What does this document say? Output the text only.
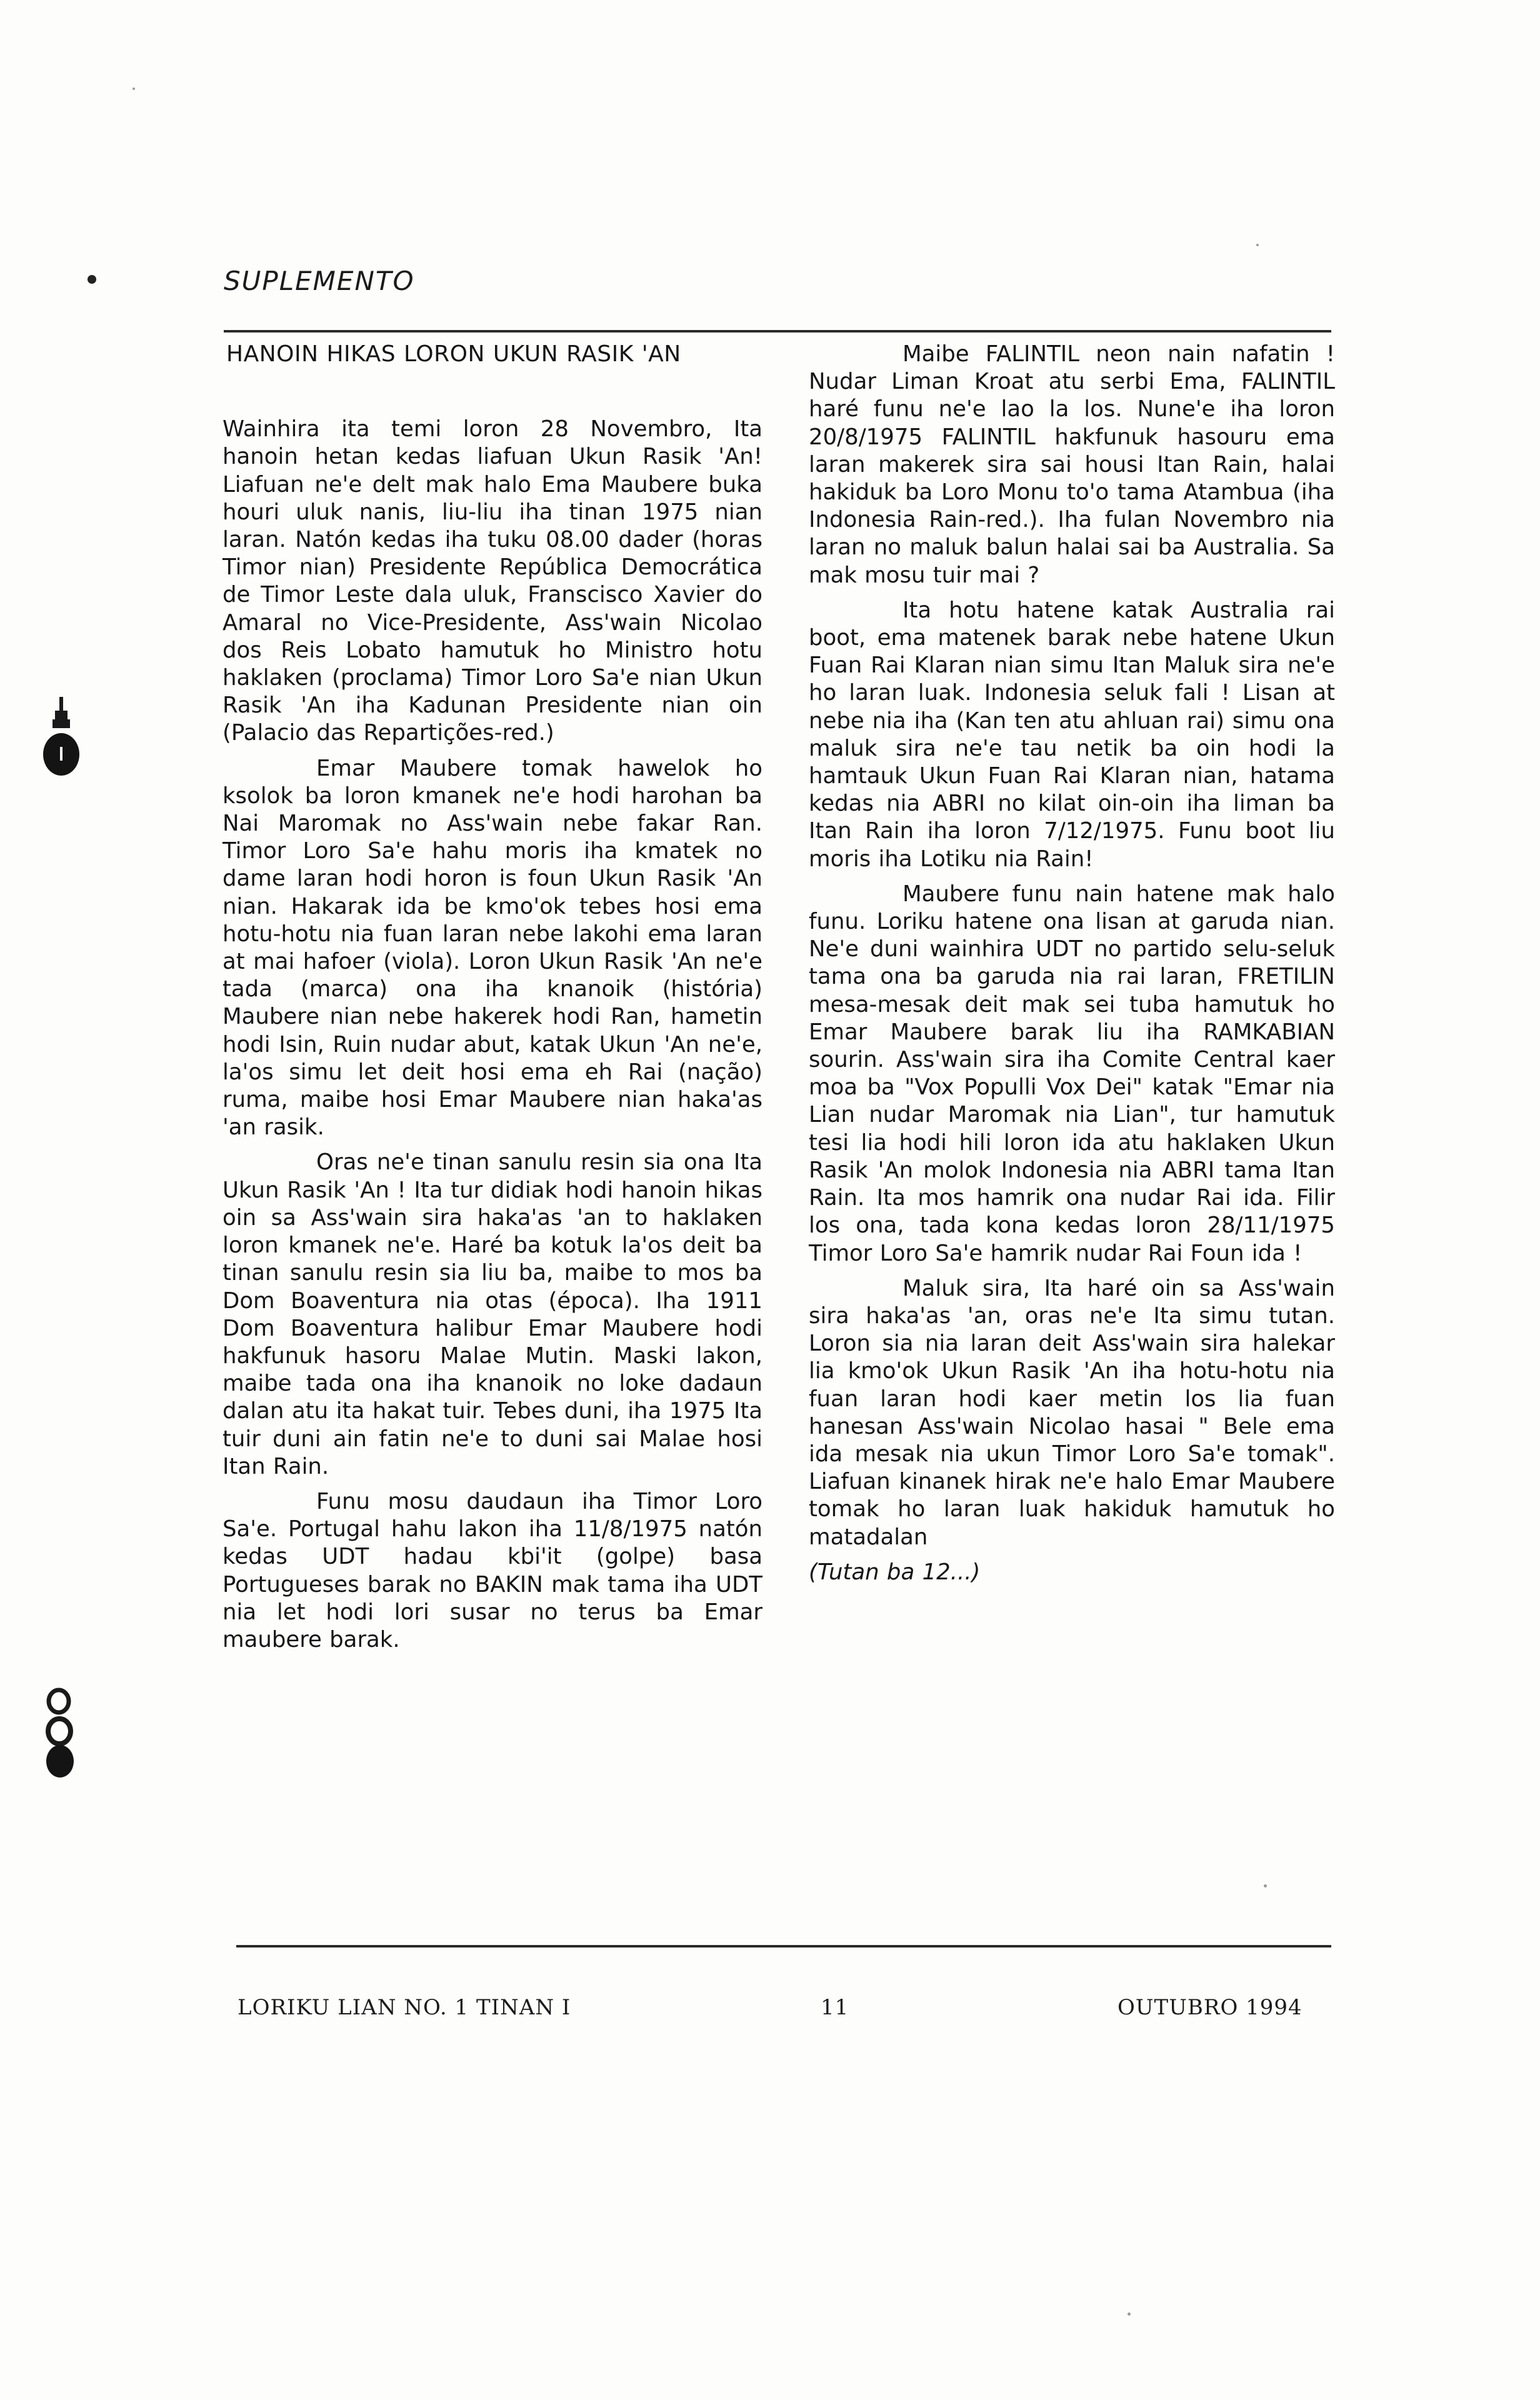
SUPLEMENTO
HANOIN HIKAS LORON UKUN RASIK 'AN

Wainhira ita temi loron 28 Novembro, Ita hanoin hetan kedas liafuan Ukun Rasik 'An! Liafuan ne'e delt mak halo Ema Maubere buka houri uluk nanis, liu-liu iha tinan 1975 nian laran. Natón kedas iha tuku 08.00 dader (horas Timor nian) Presidente República Democrática de Timor Leste dala uluk, Franscisco Xavier do Amaral no Vice-Presidente, Ass'wain Nicolao dos Reis Lobato hamutuk ho Ministro hotu haklaken (proclama) Timor Loro Sa'e nian Ukun Rasik 'An iha Kadunan Presidente nian oin (Palacio das Repartições-red.)

Emar Maubere tomak hawelok ho ksolok ba loron kmanek ne'e hodi harohan ba Nai Maromak no Ass'wain nebe fakar Ran. Timor Loro Sa'e hahu moris iha kmatek no dame laran hodi horon is foun Ukun Rasik 'An nian. Hakarak ida be kmo'ok tebes hosi ema hotu-hotu nia fuan laran nebe lakohi ema laran at mai hafoer (viola). Loron Ukun Rasik 'An ne'e tada (marca) ona iha knanoik (história) Maubere nian nebe hakerek hodi Ran, hametin hodi Isin, Ruin nudar abut, katak Ukun 'An ne'e, la'os simu let deit hosi ema eh Rai (nação) ruma, maibe hosi Emar Maubere nian haka'as 'an rasik.

Oras ne'e tinan sanulu resin sia ona Ita Ukun Rasik 'An ! Ita tur didiak hodi hanoin hikas oin sa Ass'wain sira haka'as 'an to haklaken loron kmanek ne'e. Haré ba kotuk la'os deit ba tinan sanulu resin sia liu ba, maibe to mos ba Dom Boaventura nia otas (época). Iha 1911 Dom Boaventura halibur Emar Maubere hodi hakfunuk hasoru Malae Mutin. Maski lakon, maibe tada ona iha knanoik no loke dadaun dalan atu ita hakat tuir. Tebes duni, iha 1975 Ita tuir duni ain fatin ne'e to duni sai Malae hosi Itan Rain.

Funu mosu daudaun iha Timor Loro Sa'e. Portugal hahu lakon iha 11/8/1975 natón kedas UDT hadau kbi'it (golpe) basa Portugueses barak no BAKIN mak tama iha UDT nia let hodi lori susar no terus ba Emar maubere barak.

Maibe FALINTIL neon nain nafatin ! Nudar Liman Kroat atu serbi Ema, FALINTIL haré funu ne'e lao la los. Nune'e iha loron 20/8/1975 FALINTIL hakfunuk hasouru ema laran makerek sira sai housi Itan Rain, halai hakiduk ba Loro Monu to'o tama Atambua (iha Indonesia Rain-red.). Iha fulan Novembro nia laran no maluk balun halai sai ba Australia. Sa mak mosu tuir mai ?

Ita hotu hatene katak Australia rai boot, ema matenek barak nebe hatene Ukun Fuan Rai Klaran nian simu Itan Maluk sira ne'e ho laran luak. Indonesia seluk fali ! Lisan at nebe nia iha (Kan ten atu ahluan rai) simu ona maluk sira ne'e tau netik ba oin hodi la hamtauk Ukun Fuan Rai Klaran nian, hatama kedas nia ABRI no kilat oin-oin iha liman ba Itan Rain iha loron 7/12/1975. Funu boot liu moris iha Lotiku nia Rain!

Maubere funu nain hatene mak halo funu. Loriku hatene ona lisan at garuda nian. Ne'e duni wainhira UDT no partido selu-seluk tama ona ba garuda nia rai laran, FRETILIN mesa-mesak deit mak sei tuba hamutuk ho Emar Maubere barak liu iha RAMKABIAN sourin. Ass'wain sira iha Comite Central kaer moa ba "Vox Populli Vox Dei" katak "Emar nia Lian nudar Maromak nia Lian", tur hamutuk tesi lia hodi hili loron ida atu haklaken Ukun Rasik 'An molok Indonesia nia ABRI tama Itan Rain. Ita mos hamrik ona nudar Rai ida. Filir los ona, tada kona kedas loron 28/11/1975 Timor Loro Sa'e hamrik nudar Rai Foun ida !

Maluk sira, Ita haré oin sa Ass'wain sira haka'as 'an, oras ne'e Ita simu tutan. Loron sia nia laran deit Ass'wain sira halekar lia kmo'ok Ukun Rasik 'An iha hotu-hotu nia fuan laran hodi kaer metin los lia fuan hanesan Ass'wain Nicolao hasai " Bele ema ida mesak nia ukun Timor Loro Sa'e tomak". Liafuan kinanek hirak ne'e halo Emar Maubere tomak ho laran luak hakiduk hamutuk ho matadalan

(Tutan ba 12...)
LORIKU LIAN NO. 1 TINAN I	11	OUTUBRO 1994
